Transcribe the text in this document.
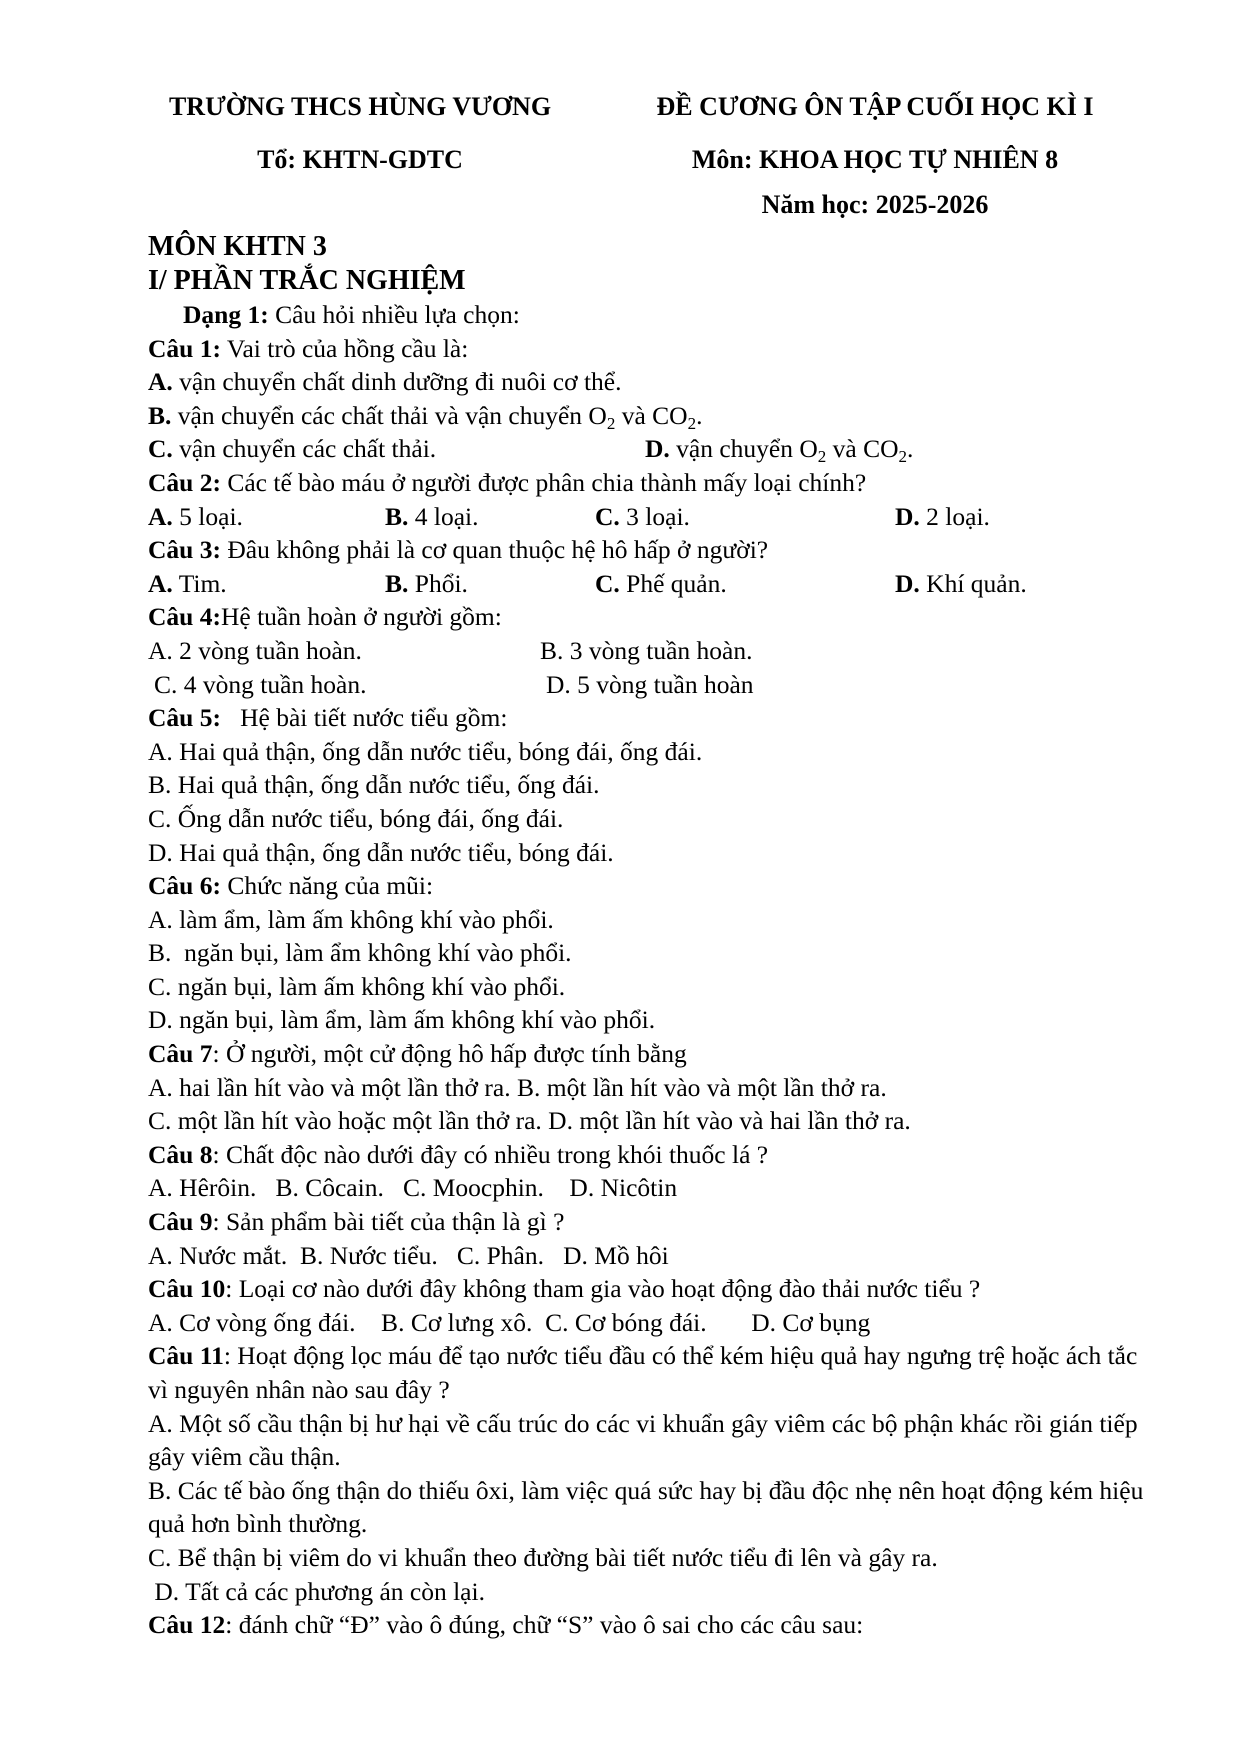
TRƯỜNG THCS HÙNG VƯƠNG
Tổ: KHTN-GDTC
ĐỀ CƯƠNG ÔN TẬP CUỐI HỌC KÌ I
Môn: KHOA HỌC TỰ NHIÊN 8
Năm học: 2025-2026
MÔN KHTN 3
I/ PHẦN TRẮC NGHIỆM
Dạng 1: Câu hỏi nhiều lựa chọn:
Câu 1: Vai trò của hồng cầu là:
A. vận chuyển chất dinh dưỡng đi nuôi cơ thể.
B. vận chuyển các chất thải và vận chuyển $O_2$ và $CO_2$.
C. vận chuyển các chất thải.	D. vận chuyển $O_2$ và $CO_2$.
Câu 2: Các tế bào máu ở người được phân chia thành mấy loại chính?
A. 5 loại.	B. 4 loại.	C. 3 loại.	D. 2 loại.
Câu 3: Đâu không phải là cơ quan thuộc hệ hô hấp ở người?
A. Tim.	B. Phổi.	C. Phế quản.	D. Khí quản.
Câu 4:Hệ tuần hoàn ở người gồm:
A. 2 vòng tuần hoàn.	B. 3 vòng tuần hoàn.
C. 4 vòng tuần hoàn.	D. 5 vòng tuần hoàn
Câu 5:   Hệ bài tiết nước tiểu gồm:
A. Hai quả thận, ống dẫn nước tiểu, bóng đái, ống đái.
B. Hai quả thận, ống dẫn nước tiểu, ống đái.
C. Ống dẫn nước tiểu, bóng đái, ống đái.
D. Hai quả thận, ống dẫn nước tiểu, bóng đái.
Câu 6: Chức năng của mũi:
A. làm ẩm, làm ấm không khí vào phổi.
B.  ngăn bụi, làm ẩm không khí vào phổi.
C. ngăn bụi, làm ấm không khí vào phổi.
D. ngăn bụi, làm ẩm, làm ấm không khí vào phổi.
Câu 7: Ở người, một cử động hô hấp được tính bằng
A. hai lần hít vào và một lần thở ra. B. một lần hít vào và một lần thở ra.
C. một lần hít vào hoặc một lần thở ra. D. một lần hít vào và hai lần thở ra.
Câu 8: Chất độc nào dưới đây có nhiều trong khói thuốc lá ?
A. Hêrôin.   B. Côcain.   C. Moocphin.    D. Nicôtin
Câu 9: Sản phẩm bài tiết của thận là gì ?
A. Nước mắt.  B. Nước tiểu.   C. Phân.   D. Mồ hôi
Câu 10: Loại cơ nào dưới đây không tham gia vào hoạt động đào thải nước tiểu ?
A. Cơ vòng ống đái.    B. Cơ lưng xô.  C. Cơ bóng đái.       D. Cơ bụng
Câu 11: Hoạt động lọc máu để tạo nước tiểu đầu có thể kém hiệu quả hay ngưng trệ hoặc ách tắc vì nguyên nhân nào sau đây ?
A. Một số cầu thận bị hư hại về cấu trúc do các vi khuẩn gây viêm các bộ phận khác rồi gián tiếp gây viêm cầu thận.
B. Các tế bào ống thận do thiếu ôxi, làm việc quá sức hay bị đầu độc nhẹ nên hoạt động kém hiệu quả hơn bình thường.
C. Bể thận bị viêm do vi khuẩn theo đường bài tiết nước tiểu đi lên và gây ra.
D. Tất cả các phương án còn lại.
Câu 12: đánh chữ “Đ” vào ô đúng, chữ “S” vào ô sai cho các câu sau:
